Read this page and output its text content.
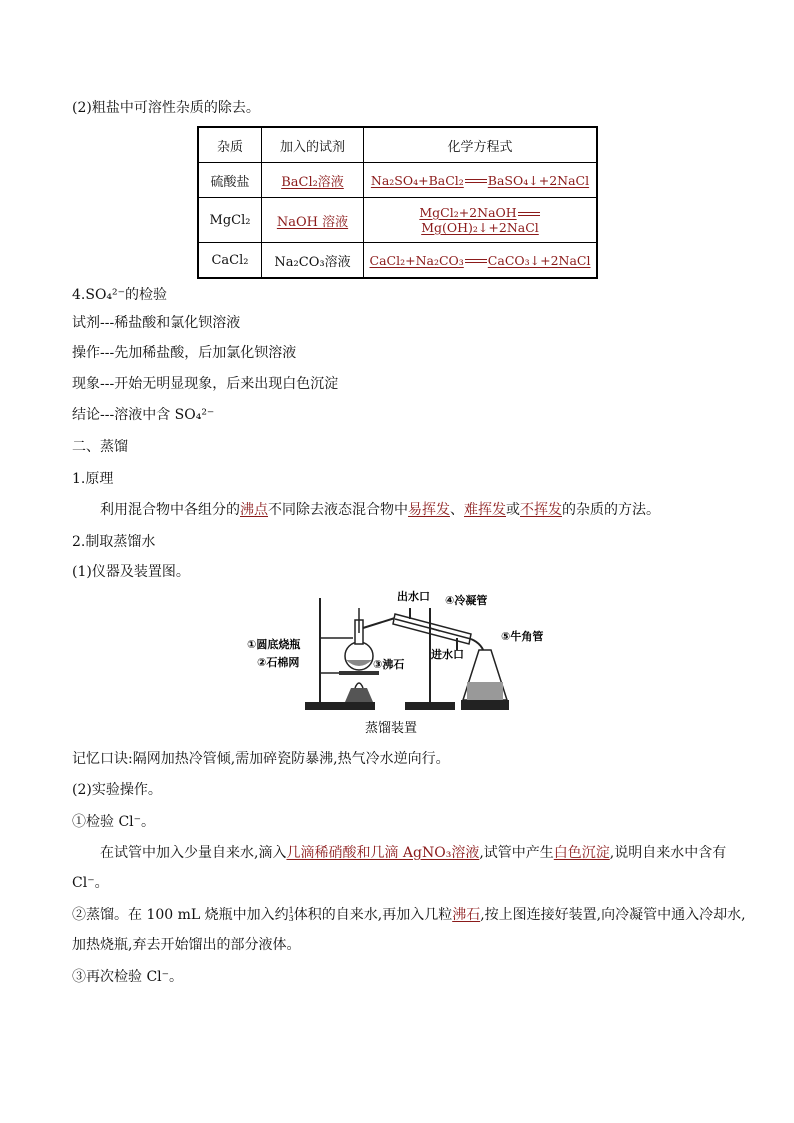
(2)粗盐中可溶性杂质的除去。
杂质	加入的试剂	化学方程式
硫酸盐	BaCl₂溶液	Na₂SO₄+BaCl₂ BaSO₄↓+2NaCl
MgCl₂	NaOH 溶液	MgCl₂+2NaOHMg(OH)₂↓+2NaCl
CaCl₂	Na₂CO₃溶液	CaCl₂+Na₂CO₃ CaCO₃↓+2NaCl
4.SO₄²⁻的检验
试剂---稀盐酸和氯化钡溶液
操作---先加稀盐酸，后加氯化钡溶液
现象---开始无明显现象，后来出现白色沉淀
结论---溶液中含 SO₄²⁻
二、蒸馏
1.原理
利用混合物中各组分的沸点不同除去液态混合物中易挥发、难挥发或不挥发的杂质的方法。
2.制取蒸馏水
(1)仪器及装置图。
出水口 ④冷凝管
①圆底烧瓶
②石棉网	③沸石
进水口
⑤牛角管
蒸馏装置
记忆口诀:隔网加热冷管倾,需加碎瓷防暴沸,热气冷水逆向行。
(2)实验操作。
①检验 Cl⁻。
在试管中加入少量自来水,滴入几滴稀硝酸和几滴 AgNO₃溶液,试管中产生白色沉淀,说明自来水中含有
Cl⁻。
②蒸馏。在 100 mL 烧瓶中加入约1
3体积的自来水,再加入几粒沸石,按上图连接好装置,向冷凝管中通入冷却水,
加热烧瓶,弃去开始馏出的部分液体。
③再次检验 Cl⁻。
